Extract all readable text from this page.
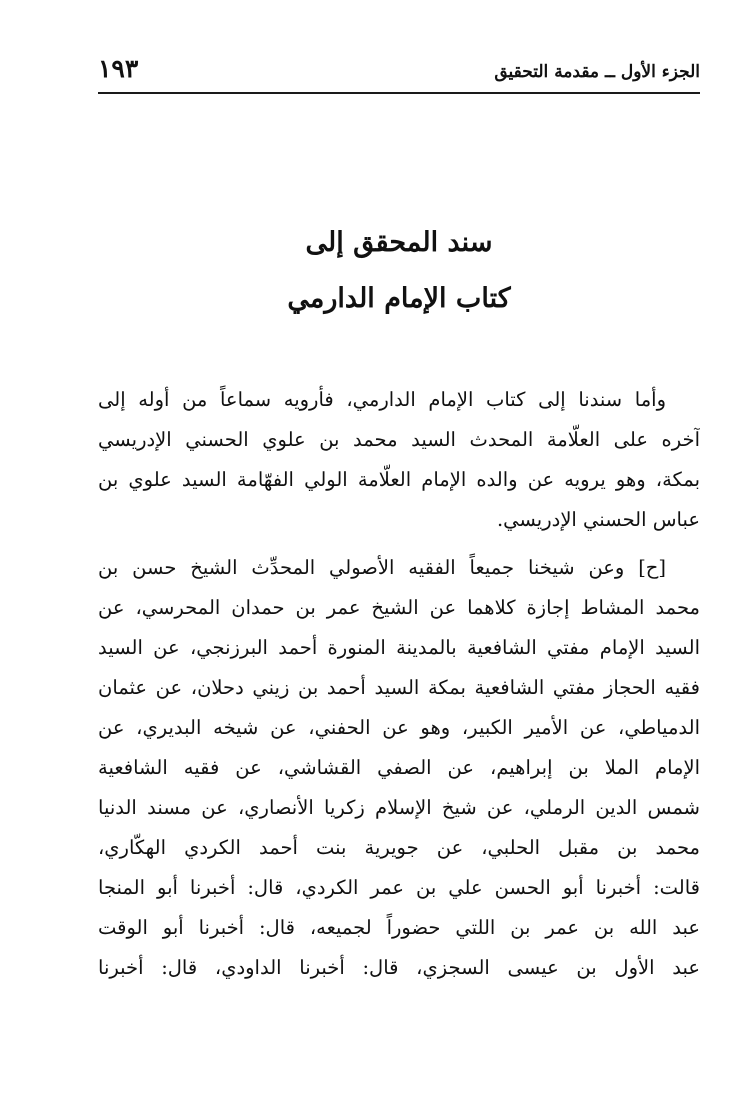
الجزء الأول ــ مقدمة التحقيق
١٩٣
سند المحقق إلى
كتاب الإمام الدارمي
وأما سندنا إلى كتاب الإمام الدارمي، فأرويه سماعاً من أوله إلى
آخره على العلّامة المحدث السيد محمد بن علوي الحسني الإدريسي
بمكة، وهو يرويه عن والده الإمام العلّامة الولي الفهّامة السيد علوي بن
عباس الحسني الإدريسي.
[ح] وعن شيخنا جميعاً الفقيه الأصولي المحدِّث الشيخ حسن بن
محمد المشاط إجازة كلاهما عن الشيخ عمر بن حمدان المحرسي، عن
السيد الإمام مفتي الشافعية بالمدينة المنورة أحمد البرزنجي، عن السيد
فقيه الحجاز مفتي الشافعية بمكة السيد أحمد بن زيني دحلان، عن عثمان
الدمياطي، عن الأمير الكبير، وهو عن الحفني، عن شيخه البديري، عن
الإمام الملا بن إبراهيم، عن الصفي القشاشي، عن فقيه الشافعية
شمس الدين الرملي، عن شيخ الإسلام زكريا الأنصاري، عن مسند الدنيا
محمد بن مقبل الحلبي، عن جويرية بنت أحمد الكردي الهكّاري،
قالت: أخبرنا أبو الحسن علي بن عمر الكردي، قال: أخبرنا أبو المنجا
عبد الله بن عمر بن اللتي حضوراً لجميعه، قال: أخبرنا أبو الوقت
عبد الأول بن عيسى السجزي، قال: أخبرنا الداودي، قال: أخبرنا
